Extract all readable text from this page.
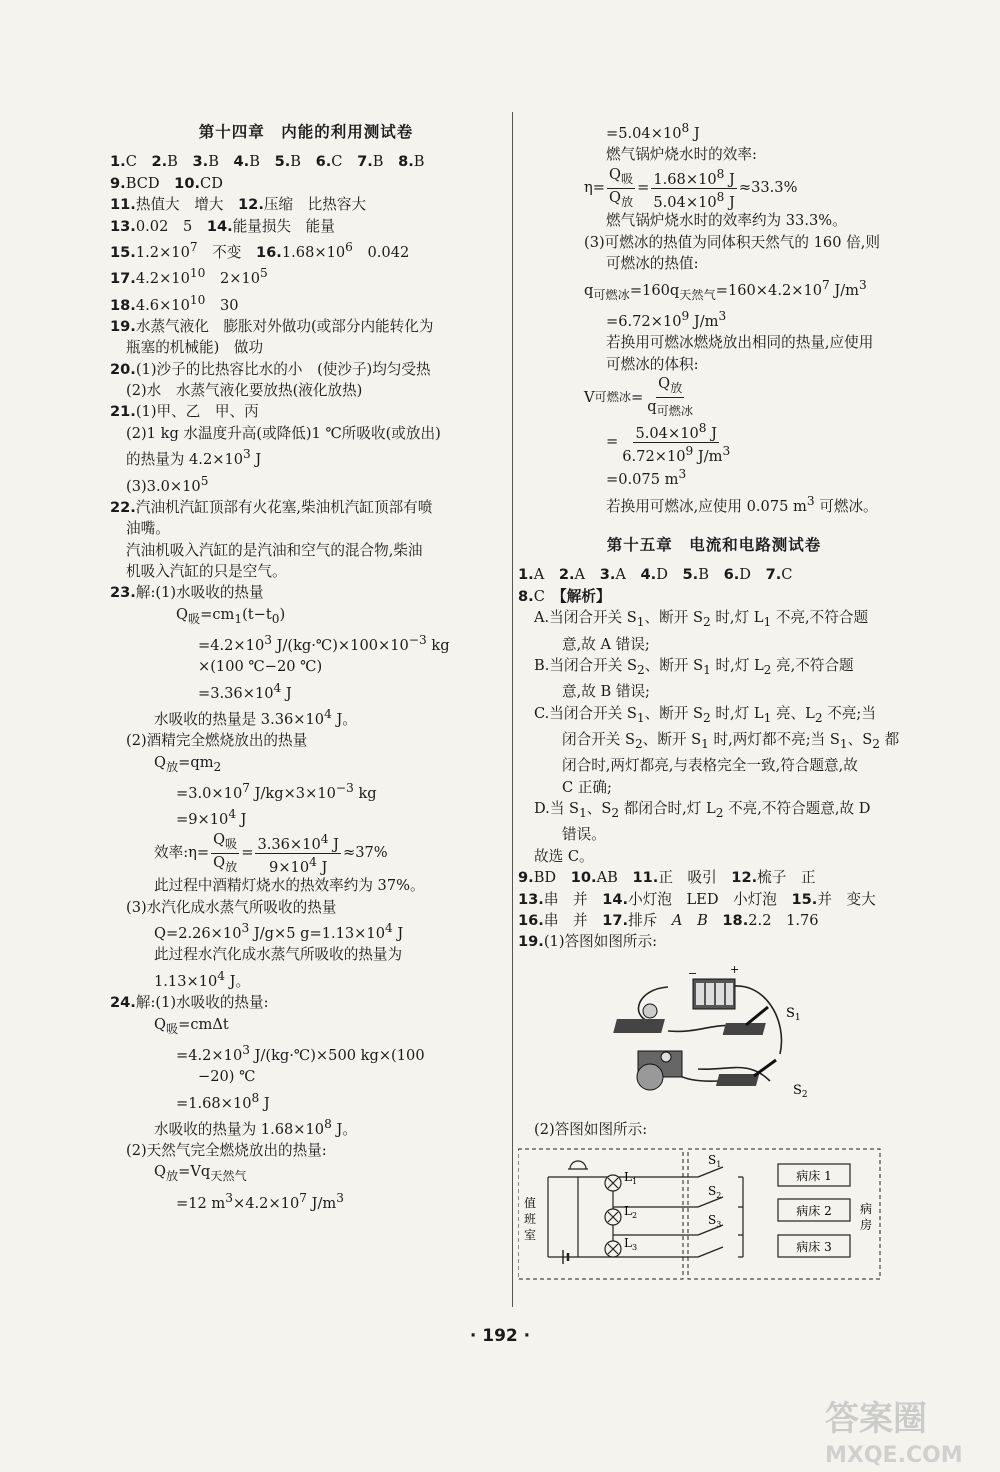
第十四章　内能的利用测试卷
1.C　2.B　3.B　4.B　5.B　6.C　7.B　8.B
9.BCD　10.CD
11.热值大　增大　12.压缩　比热容大
13.0.02　5　14.能量损失　能量
$15.1.2\times 10^7$　不变　$16.1.68\times 10^6$　0.042
$17.4.2\times 10^{10}$　$2\times 10^5$
$18.4.6\times 10^{10}$　30
19.水蒸气液化　膨胀对外做功(或部分内能转化为
瓶塞的机械能)　做功
20.(1)沙子的比热容比水的小　(使沙子)均匀受热
(2)水　水蒸气液化要放热(液化放热)
21.(1)甲、乙　甲、丙
(2)1 kg 水温度升高(或降低)1 ℃所吸收(或放出)
的热量为 $4.2\times 10^3$ J
$(3)3.0\times 10^5$
22.汽油机汽缸顶部有火花塞,柴油机汽缸顶部有喷
油嘴。
汽油机吸入汽缸的是汽油和空气的混合物,柴油
机吸入汽缸的只是空气。
23.解:(1)水吸收的热量
$Q_吸=cm_1(t-t_0)$
$=4.2\times 10^3$ $J/(kg\cdot℃)\times 100\times 10^{-3}$ kg
×(100 ℃−20 ℃)
$=3.36\times 10^4$ J
水吸收的热量是 $3.36\times 10^4$ J。
(2)酒精完全燃烧放出的热量
$Q_放=qm_2$
$=3.0\times 10^7$ $J/kg\times 3\times 10^{-3}$ kg
$=9\times 10^4$ J
效率:η= $\frac{Q_吸}{Q_放} = \frac{3.36\times 10^4 J}{9\times 10^4 J} \approx 37\%$
此过程中酒精灯烧水的热效率约为 37%。
(3)水汽化成水蒸气所吸收的热量
$Q=2.26\times 10^3$ J/g×5 $g=1.13\times 10^4$ J
此过程水汽化成水蒸气所吸收的热量为
$1.13\times 10^4$ J。
24.解:(1)水吸收的热量:
$Q_吸=cm\Delta t$
$=4.2\times 10^3$ J/(kg·℃)×500 kg×(100
−20) ℃
$=1.68\times 10^8$ J
水吸收的热量为 $1.68\times 10^8$ J。
(2)天然气完全燃烧放出的热量:
$Q_放=Vq_{天然气}$
=12 $m^3\times 4.2\times 10^7$ $J/m^3$
$=5.04\times 10^8$ J
燃气锅炉烧水时的效率:
$\eta= \frac{Q_吸}{Q_放} = \frac{1.68\times 10^8 J}{5.04\times 10^8 J} \approx 33.3\%$
燃气锅炉烧水时的效率约为 33.3%。
(3)可燃冰的热值为同体积天然气的 160 倍,则
可燃冰的热值:
$q_{可燃冰}=160q_{天然气}=160\times 4.2\times 10^7$ $J/m^3$
$=6.72\times 10^9$ $J/m^3$
若换用可燃冰燃烧放出相同的热量,应使用
可燃冰的体积:
V 可燃冰 = $\frac{Q_放}{q_{可燃冰}}$
= $\frac{5.04\times 10^8 J}{6.72\times 10^9 J/m^3}$
=0.075 $m^3$
若换用可燃冰,应使用 0.075 $m^3$ 可燃冰。
第十五章　电流和电路测试卷
1.A　2.A　3.A　4.D　5.B　6.D　7.C
8.C　【解析】
A.当闭合开关 $S_1$、断开 $S_2$ 时,灯 $L_1$ 不亮,不符合题
意,故 A 错误;
B.当闭合开关 $S_2$、断开 $S_1$ 时,灯 $L_2$ 亮,不符合题
意,故 B 错误;
C.当闭合开关 $S_1$、断开 $S_2$ 时,灯 $L_1$ 亮、$L_2$ 不亮;当
闭合开关 $S_2$、断开 $S_1$ 时,两灯都不亮;当 $S_1$、$S_2$ 都
闭合时,两灯都亮,与表格完全一致,符合题意,故
C 正确;
D.当 $S_1$、$S_2$ 都闭合时,灯 $L_2$ 不亮,不符合题意,故 D
错误。
故选 C。
9.BD　10.AB　11.正　吸引　12.梳子　正
13.串　并　14.小灯泡　LED　小灯泡　15.并　变大
16.串　并　17.排斥　A　 B　 18.2.2　1.76
19.(1)答图如图所示:
−	+
$S_1$
$S_2$
(2)答图如图所示:
值
班
室
病
房
$L_1$
$L_2$
$L_3$
$S_1$
$S_2$
$S_3$
病床 1
病床 2
病床 3
· 192 ·
答案圈
MXQE.COM
